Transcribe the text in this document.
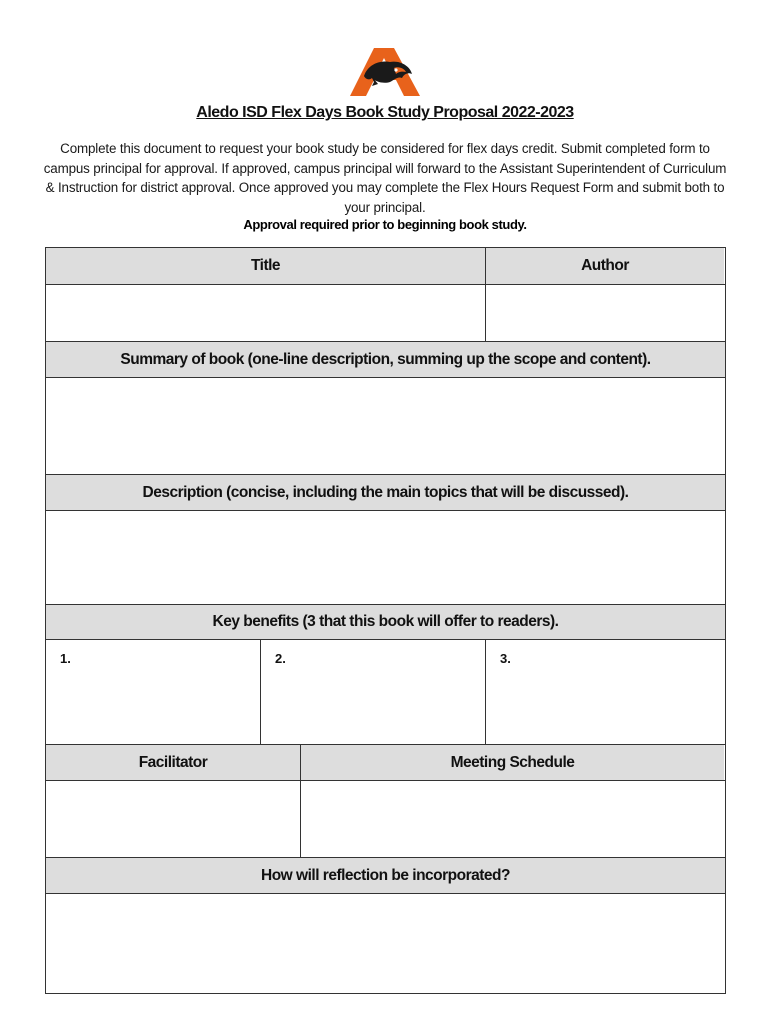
Aledo ISD Flex Days Book Study Proposal 2022-2023
Complete this document to request your book study be considered for flex days credit. Submit completed form to campus principal for approval. If approved, campus principal will forward to the Assistant Superintendent of Curriculum & Instruction for district approval. Once approved you may complete the Flex Hours Request Form and submit both to your principal.
Approval required prior to beginning book study.
Title	Author
Summary of book (one-line description, summing up the scope and content).
Description (concise, including the main topics that will be discussed).
Key benefits (3 that this book will offer to readers).
1.	2.	3.
Facilitator	Meeting Schedule
How will reflection be incorporated?
